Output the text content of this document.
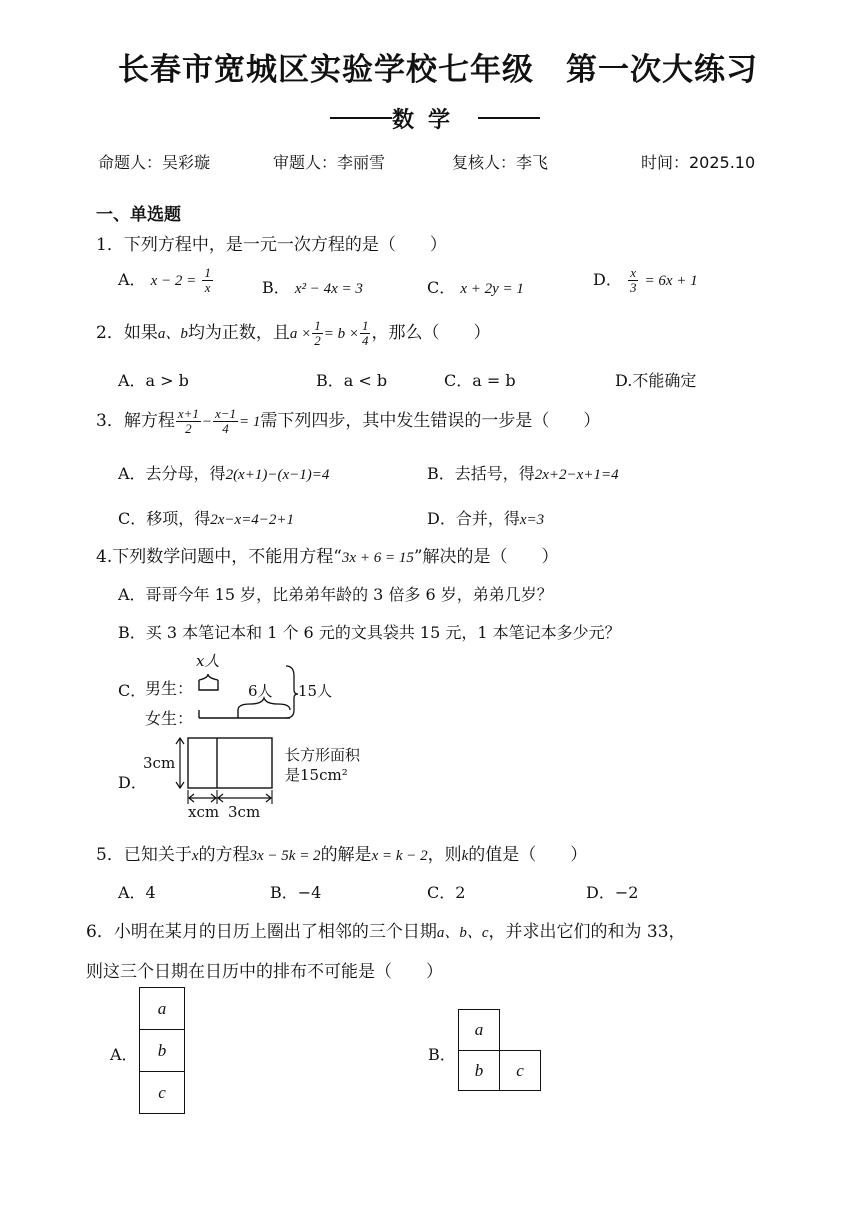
长春市宽城区实验学校七年级　第一次大练习
数学
命题人：吴彩璇	审题人：李丽雪	复核人：李飞	时间：2025.10
一、单选题
1．下列方程中，是一元一次方程的是（　　）
A． $x - 2 = \frac{1}{x}$	B． x² − 4x = 3	C． x + 2y = 1	D． $\frac{x}{3} = 6x + 1$
2．如果a、b均为正数，且$a \times \frac{1}{2} = b \times \frac{1}{4}$ ，那么（　　）
A．a > b	B．a < b	C．a = b	D.不能确定
3．解方程 $\frac{x+1}{2} - \frac{x-1}{4} = 1$需下列四步，其中发生错误的一步是（　　）
A．去分母，得2(x+1)−(x−1)=4	B．去括号，得2x+2−x+1=4
C．移项，得2x−x=4−2+1	D．合并，得x=3
4.下列数学问题中，不能用方程“3x + 6 = 15”解决的是（　　）
A．哥哥今年 15 岁，比弟弟年龄的 3 倍多 6 岁，弟弟几岁？
B．买 3 本笔记本和 1 个 6 元的文具袋共 15 元，1 本笔记本多少元？
C．
男生：
女生：
x人
6人 15人
D．
3cm
xcm 3cm
长方形面积
是15cm²
5．已知关于x的方程3x − 5k = 2的解是x = k − 2，则k的值是（　　）
A．4	B．−4	C．2	D．−2
6．小明在某月的日历上圈出了相邻的三个日期a、b、c，并求出它们的和为 33，
则这三个日期在日历中的排布不可能是（　　）
A．
a
b
c
B．
a
b	c
